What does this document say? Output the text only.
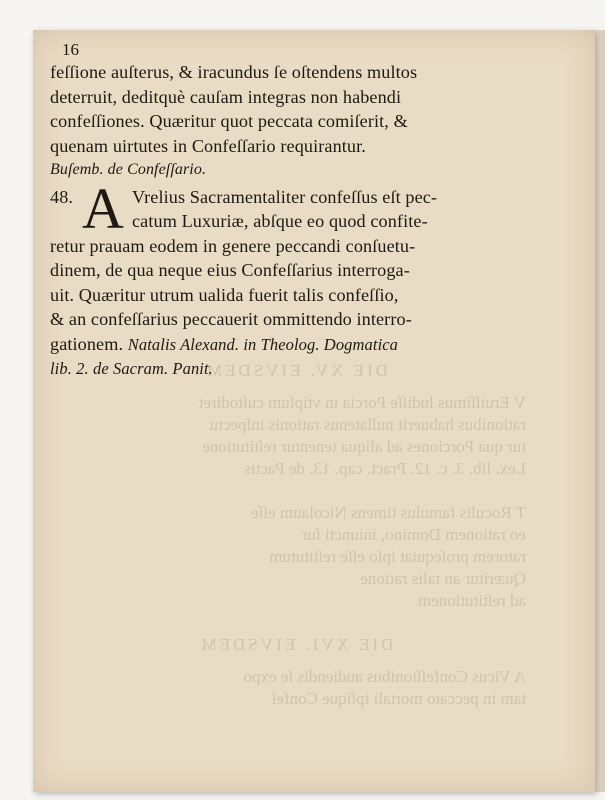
DIE XV. EIVSDEM
V Eruiſſimus ludiſſe Porcia in vtipſum cuſtodiret
rationibus habuerit nullatenus rationis inſpectu
tur qua Porciones ad aliqua tenentur reſtitutione
Lex. lib. 3. c. 12. Pract. cap. 13. de Pactis

T Roculis famulus timens Nicolaum eſſe
eo rationem Domino, iniuncti ſur
ratorem proſequiat ipſo eſſe reſtitutum
Quæritur an talis ratione
ad reſtitutionem

DIE XVI. EIVSDEM
A Vicus Confeſſionibus audiendis ſe expo
tam in peccato mortali ipſique Confeſ
16
feſſione auſterus, & iracundus ſe oſtendens multos
deterruit, deditquè cauſam integras non habendi
confeſſiones. Quæritur quot peccata comiſerit, &
quenam uirtutes in Confeſſario requirantur.
Buſemb. de Confeſſario.
48. A Vrelius Sacramentaliter confeſſus eſt pec-
catum Luxuriæ, abſque eo quod confite-
retur prauam eodem in genere peccandi conſuetu-
dinem, de qua neque eius Confeſſarius interroga-
uit. Quæritur utrum ualida fuerit talis confeſſio,
& an confeſſarius peccauerit ommittendo interro-
gationem. Natalis Alexand. in Theolog. Dogmatica
lib. 2. de Sacram. Panit.
